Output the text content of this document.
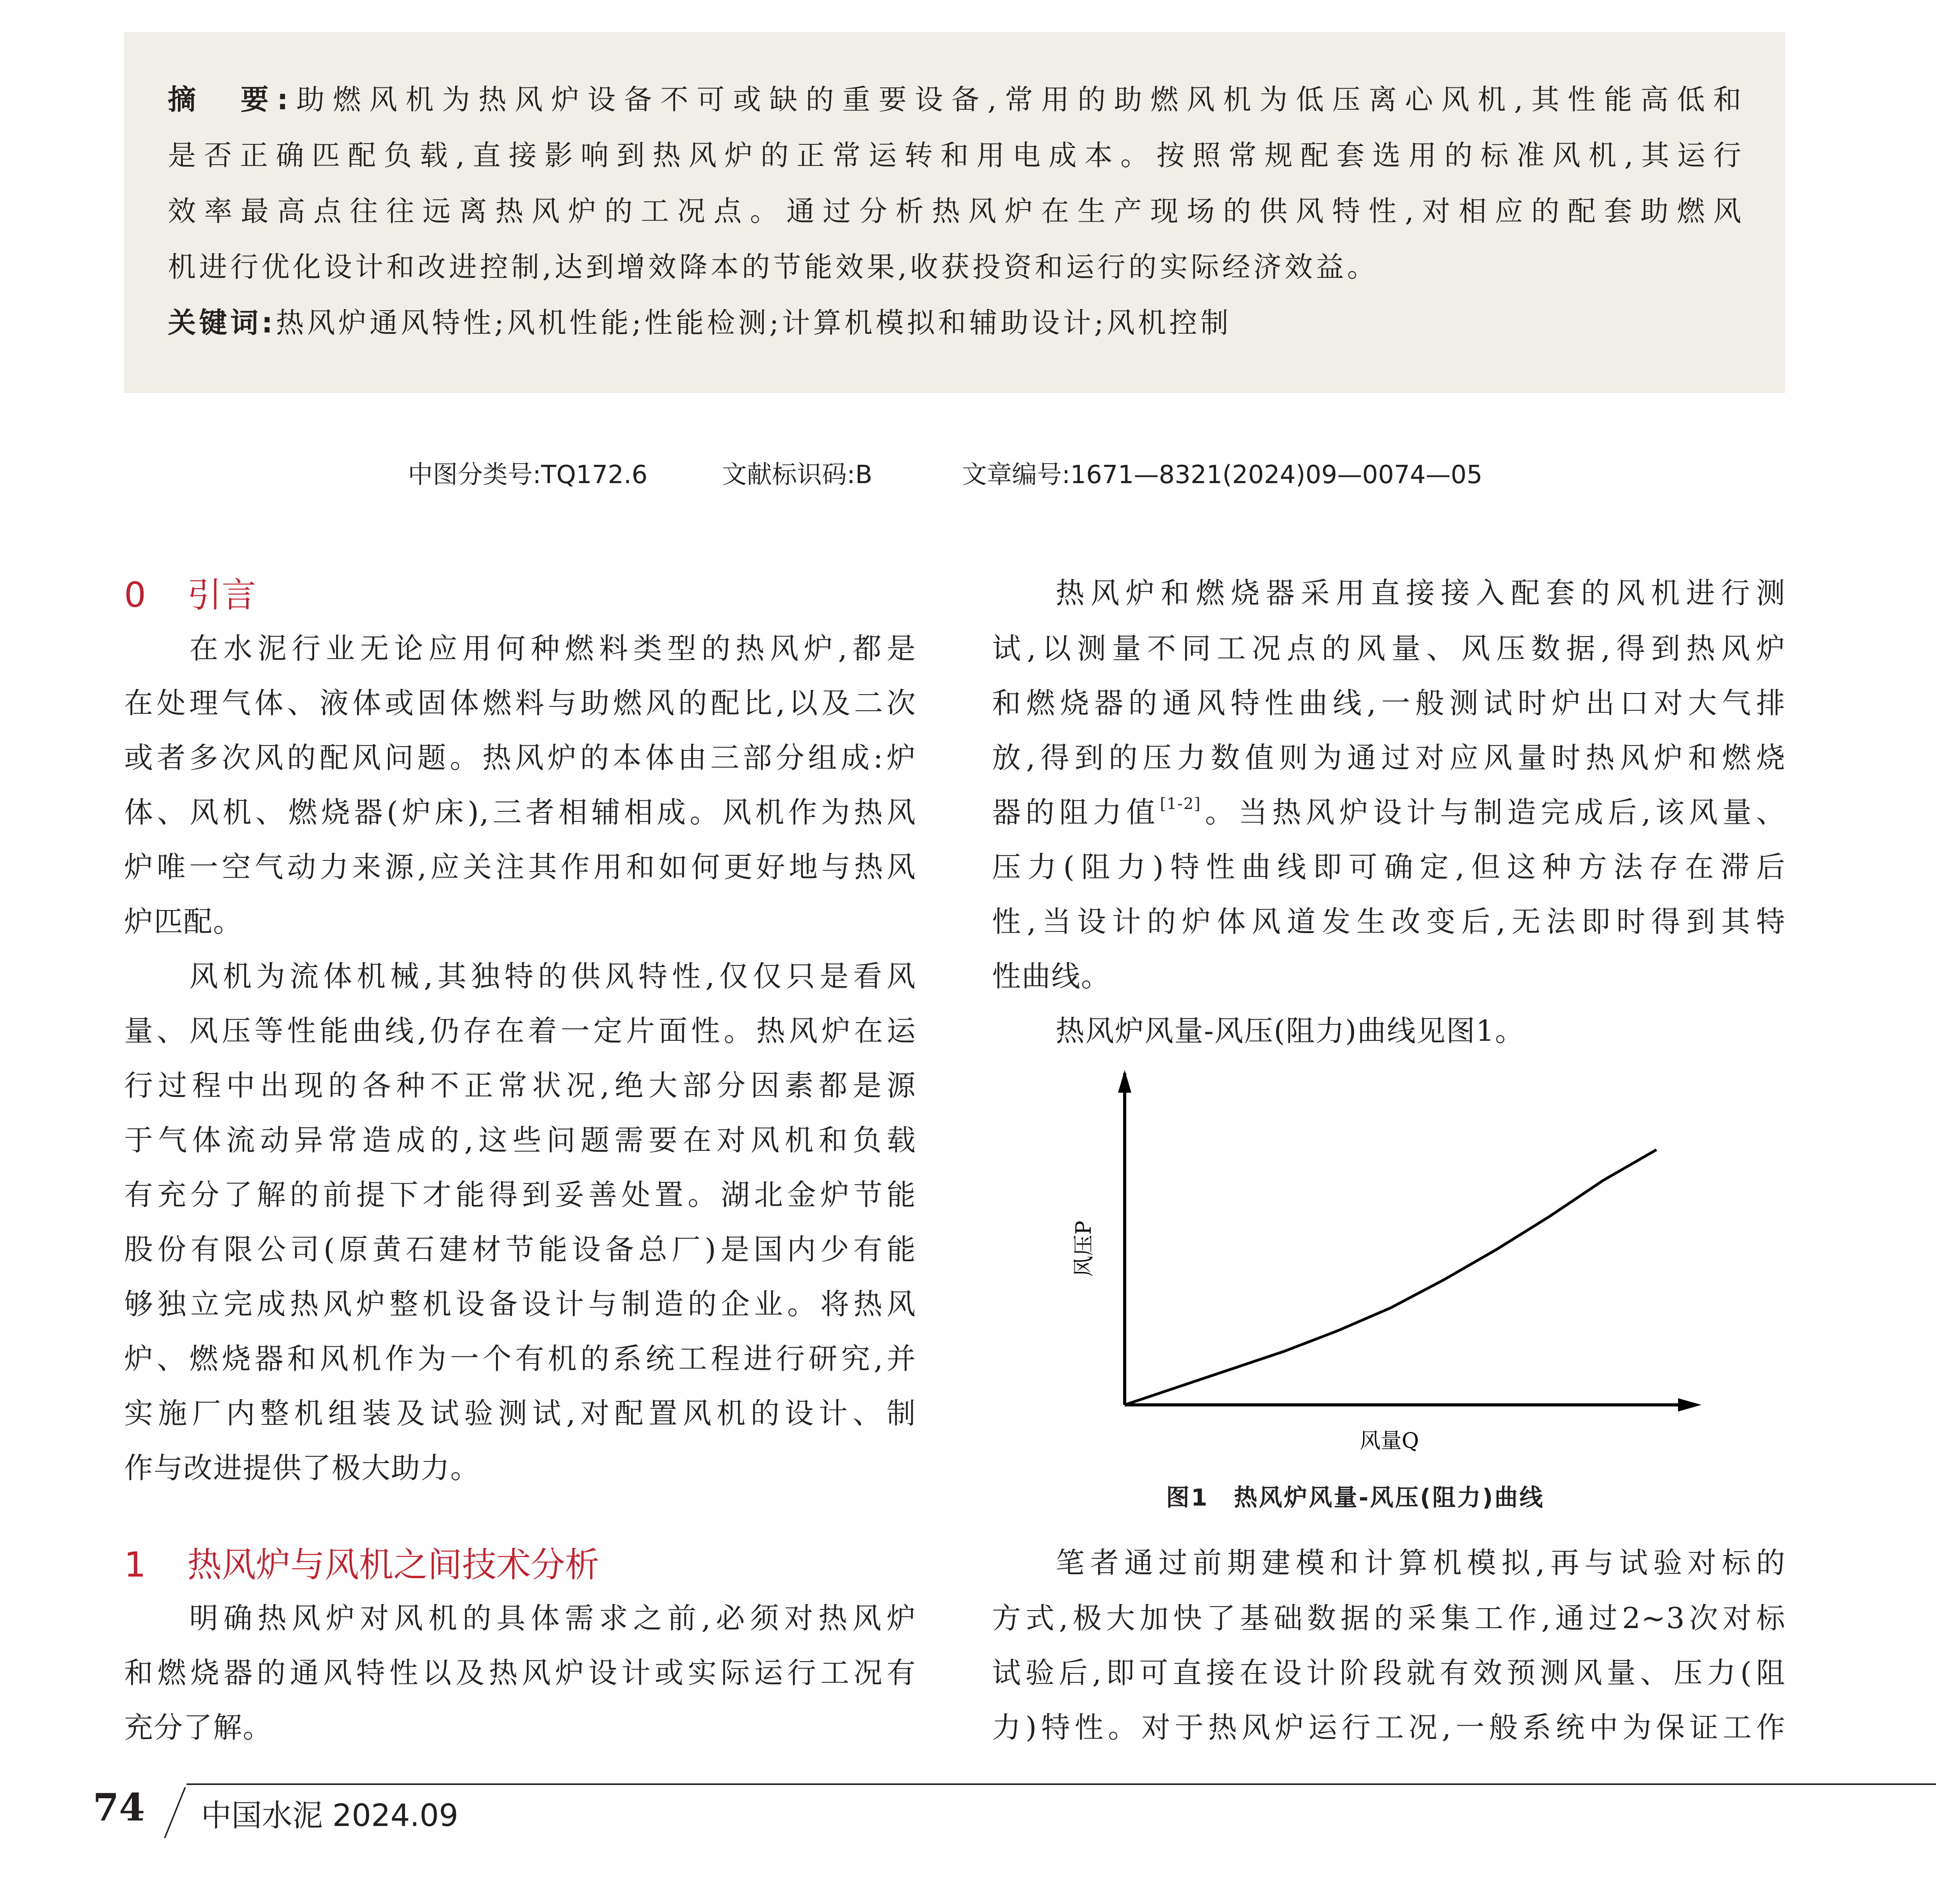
摘　要:助燃风机为热风炉设备不可或缺的重要设备,常用的助燃风机为低压离心风机,其性能高低和
是否正确匹配负载,直接影响到热风炉的正常运转和用电成本。按照常规配套选用的标准风机,其运行
效率最高点往往远离热风炉的工况点。通过分析热风炉在生产现场的供风特性,对相应的配套助燃风
机进行优化设计和改进控制,达到增效降本的节能效果,收获投资和运行的实际经济效益。
关键词:热风炉通风特性;风机性能;性能检测;计算机模拟和辅助设计;风机控制
中图分类号:TQ172.6	文献标识码:B	文章编号:1671—8321(2024)09—0074—05
0 引言
在水泥行业无论应用何种燃料类型的热风炉,都是
在处理气体、液体或固体燃料与助燃风的配比,以及二次
或者多次风的配风问题。热风炉的本体由三部分组成:炉
体、风机、燃烧器(炉床),三者相辅相成。风机作为热风
炉唯一空气动力来源,应关注其作用和如何更好地与热风
炉匹配。
风机为流体机械,其独特的供风特性,仅仅只是看风
量、风压等性能曲线,仍存在着一定片面性。热风炉在运
行过程中出现的各种不正常状况,绝大部分因素都是源
于气体流动异常造成的,这些问题需要在对风机和负载
有充分了解的前提下才能得到妥善处置。湖北金炉节能
股份有限公司(原黄石建材节能设备总厂)是国内少有能
够独立完成热风炉整机设备设计与制造的企业。将热风
炉、燃烧器和风机作为一个有机的系统工程进行研究,并
实施厂内整机组装及试验测试,对配置风机的设计、制
作与改进提供了极大助力。
1 热风炉与风机之间技术分析
明确热风炉对风机的具体需求之前,必须对热风炉
和燃烧器的通风特性以及热风炉设计或实际运行工况有
充分了解。
热风炉和燃烧器采用直接接入配套的风机进行测
试,以测量不同工况点的风量、风压数据,得到热风炉
和燃烧器的通风特性曲线,一般测试时炉出口对大气排
放,得到的压力数值则为通过对应风量时热风炉和燃烧
器的阻力值[1-2]。当热风炉设计与制造完成后,该风量、
压力(阻力)特性曲线即可确定,但这种方法存在滞后
性,当设计的炉体风道发生改变后,无法即时得到其特
性曲线。
热风炉风量-风压(阻力)曲线见图1。
风压P
风量Q
图1　热风炉风量-风压(阻力)曲线
笔者通过前期建模和计算机模拟,再与试验对标的
方式,极大加快了基础数据的采集工作,通过2~3次对标
试验后,即可直接在设计阶段就有效预测风量、压力(阻
力)特性。对于热风炉运行工况,一般系统中为保证工作
74 中国水泥 2024.09
